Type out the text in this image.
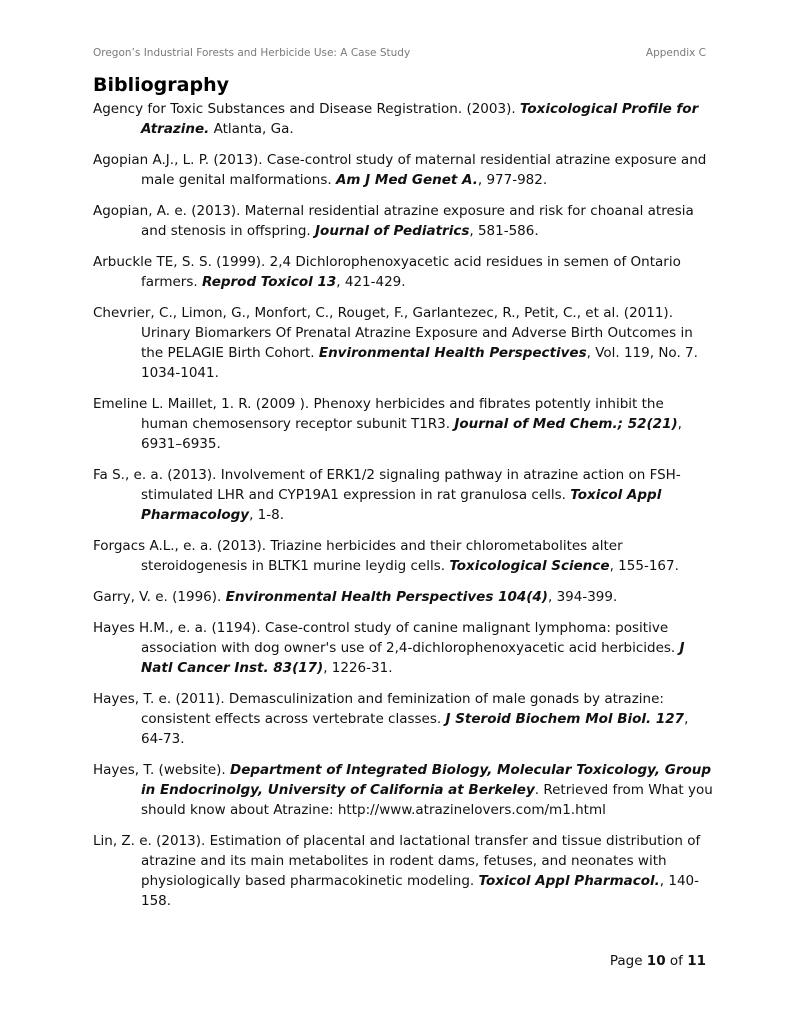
Oregon’s Industrial Forests and Herbicide Use: A Case Study	Appendix C
Bibliography

Agency for Toxic Substances and Disease Registration. (2003). Toxicological Profile for Atrazine. Atlanta, Ga.

Agopian A.J., L. P. (2013). Case-control study of maternal residential atrazine exposure and male genital malformations. Am J Med Genet A., 977-982.

Agopian, A. e. (2013). Maternal residential atrazine exposure and risk for choanal atresia and stenosis in offspring. Journal of Pediatrics, 581-586.

Arbuckle TE, S. S. (1999). 2,4 Dichlorophenoxyacetic acid residues in semen of Ontario farmers. Reprod Toxicol 13, 421-429.

Chevrier, C., Limon, G., Monfort, C., Rouget, F., Garlantezec, R., Petit, C., et al. (2011). Urinary Biomarkers Of Prenatal Atrazine Exposure and Adverse Birth Outcomes in the PELAGIE Birth Cohort. Environmental Health Perspectives, Vol. 119, No. 7. 1034-1041.

Emeline L. Maillet, 1. R. (2009 ). Phenoxy herbicides and fibrates potently inhibit the human chemosensory receptor subunit T1R3. Journal of Med Chem.; 52(21), 6931–6935.

Fa S., e. a. (2013). Involvement of ERK1/2 signaling pathway in atrazine action on FSH-stimulated LHR and CYP19A1 expression in rat granulosa cells. Toxicol Appl Pharmacology, 1-8.

Forgacs A.L., e. a. (2013). Triazine herbicides and their chlorometabolites alter steroidogenesis in BLTK1 murine leydig cells. Toxicological Science, 155-167.

Garry, V. e. (1996). Environmental Health Perspectives 104(4), 394-399.

Hayes H.M., e. a. (1194). Case-control study of canine malignant lymphoma: positive association with dog owner's use of 2,4-dichlorophenoxyacetic acid herbicides. J Natl Cancer Inst. 83(17), 1226-31.

Hayes, T. e. (2011). Demasculinization and feminization of male gonads by atrazine: consistent effects across vertebrate classes. J Steroid Biochem Mol Biol. 127, 64-73.

Hayes, T. (website). Department of Integrated Biology, Molecular Toxicology, Group in Endocrinolgy, University of California at Berkeley. Retrieved from What you should know about Atrazine: http://www.atrazinelovers.com/m1.html

Lin, Z. e. (2013). Estimation of placental and lactational transfer and tissue distribution of atrazine and its main metabolites in rodent dams, fetuses, and neonates with physiologically based pharmacokinetic modeling. Toxicol Appl Pharmacol., 140-158.

Page 10 of 11
